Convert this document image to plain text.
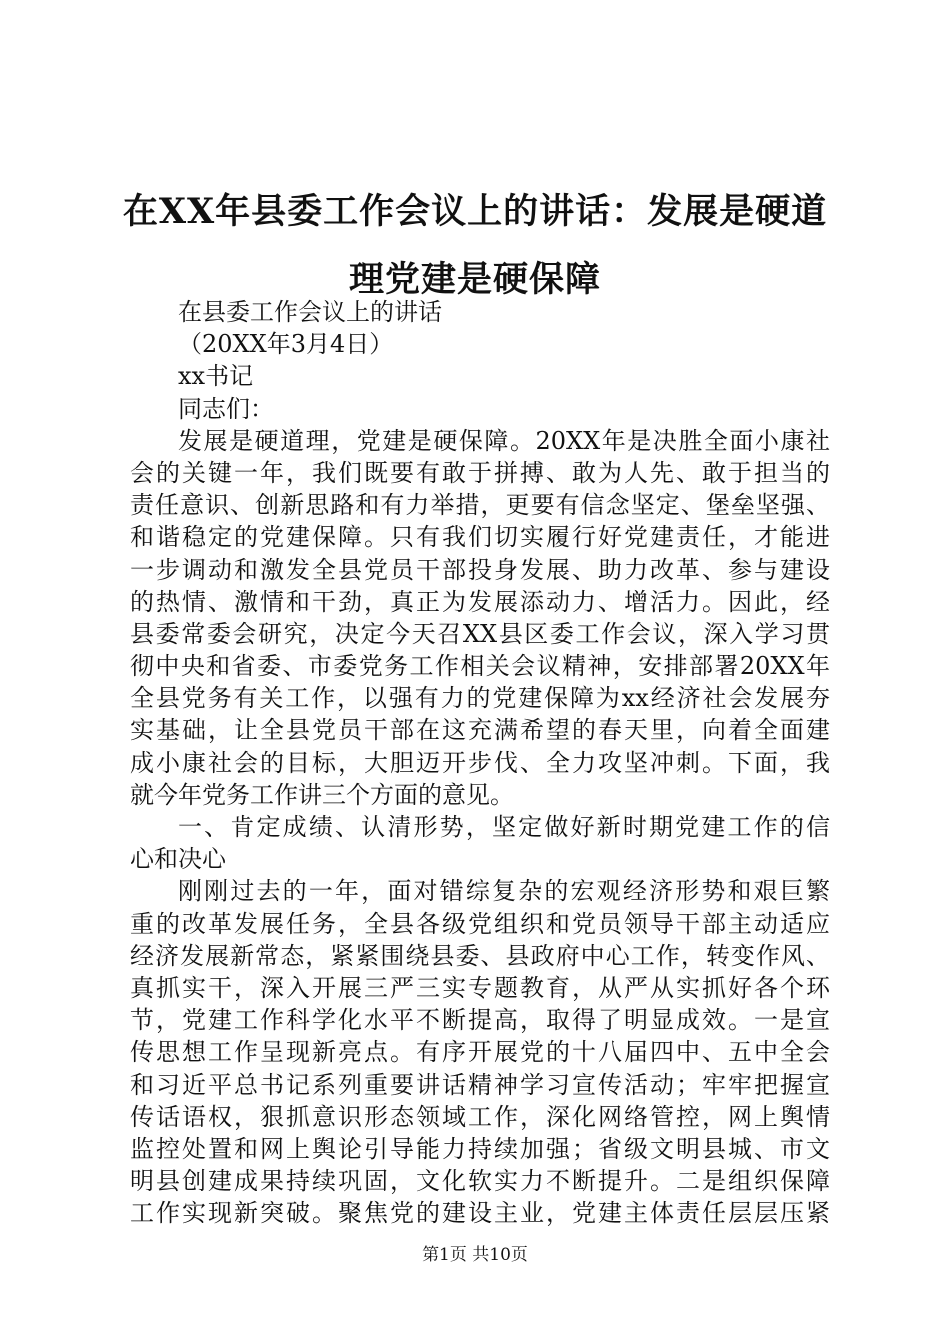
在XX年县委工作会议上的讲话：发展是硬道
理党建是硬保障
在县委工作会议上的讲话
（20XX年3月4日）
xx书记
同志们：
发展是硬道理，党建是硬保障。20XX年是决胜全面小康社
会的关键一年，我们既要有敢于拼搏、敢为人先、敢于担当的
责任意识、创新思路和有力举措，更要有信念坚定、堡垒坚强、
和谐稳定的党建保障。只有我们切实履行好党建责任，才能进
一步调动和激发全县党员干部投身发展、助力改革、参与建设
的热情、激情和干劲，真正为发展添动力、增活力。因此，经
县委常委会研究，决定今天召XX县区委工作会议，深入学习贯
彻中央和省委、市委党务工作相关会议精神，安排部署20XX年
全县党务有关工作，以强有力的党建保障为xx经济社会发展夯
实基础，让全县党员干部在这充满希望的春天里，向着全面建
成小康社会的目标，大胆迈开步伐、全力攻坚冲刺。下面，我
就今年党务工作讲三个方面的意见。
一、肯定成绩、认清形势，坚定做好新时期党建工作的信
心和决心
刚刚过去的一年，面对错综复杂的宏观经济形势和艰巨繁
重的改革发展任务，全县各级党组织和党员领导干部主动适应
经济发展新常态，紧紧围绕县委、县政府中心工作，转变作风、
真抓实干，深入开展三严三实专题教育，从严从实抓好各个环
节，党建工作科学化水平不断提高，取得了明显成效。一是宣
传思想工作呈现新亮点。有序开展党的十八届四中、五中全会
和习近平总书记系列重要讲话精神学习宣传活动；牢牢把握宣
传话语权，狠抓意识形态领域工作，深化网络管控，网上舆情
监控处置和网上舆论引导能力持续加强；省级文明县城、市文
明县创建成果持续巩固，文化软实力不断提升。二是组织保障
工作实现新突破。聚焦党的建设主业，党建主体责任层层压紧
第1页 共10页
